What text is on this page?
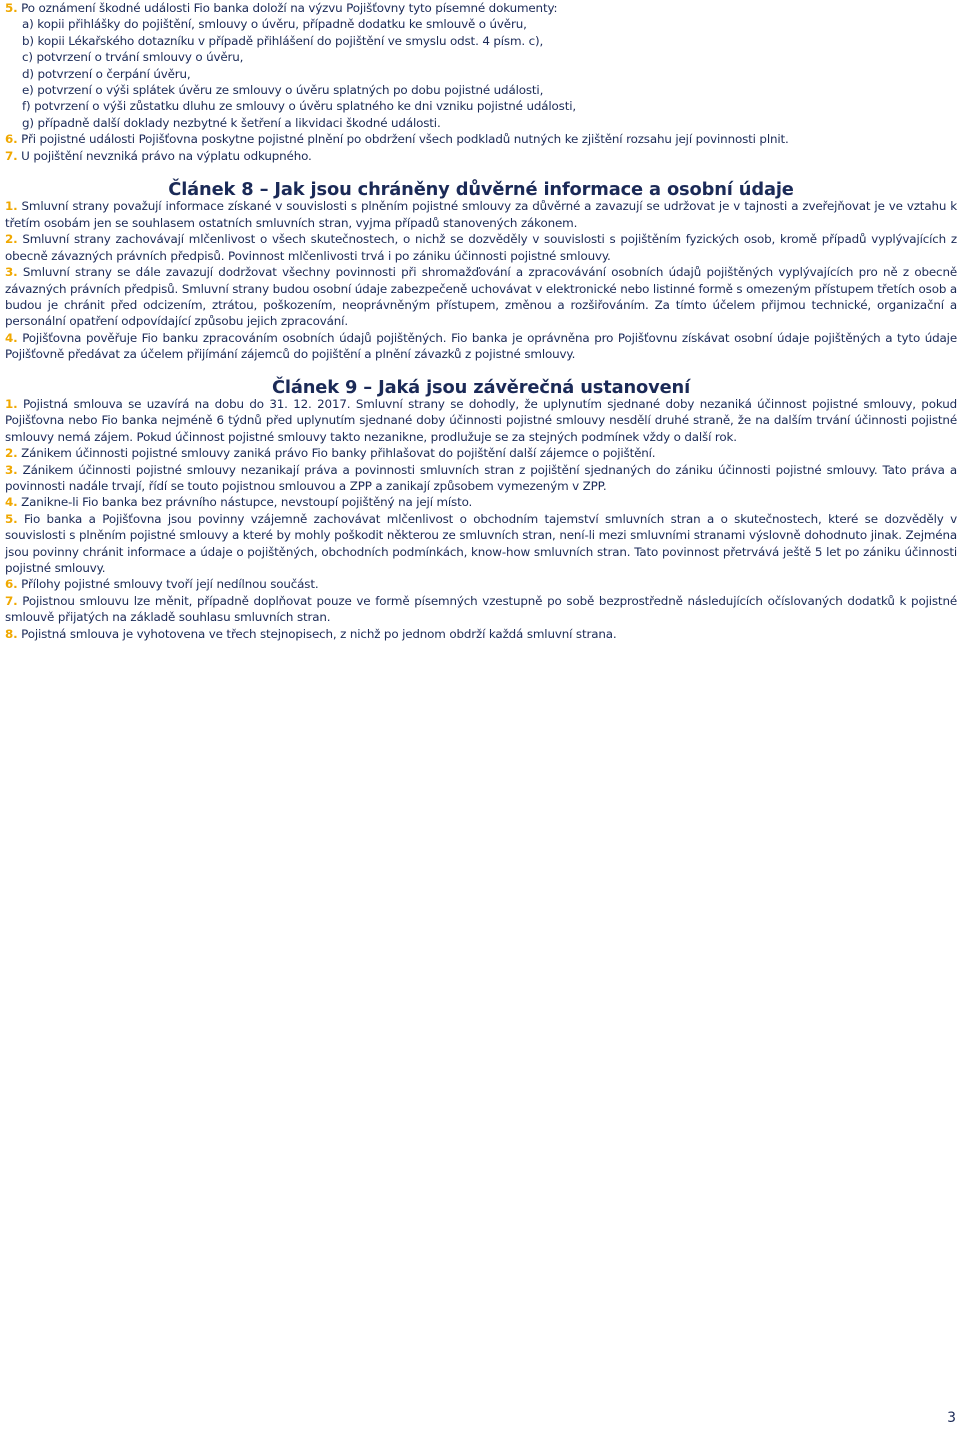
5. Po oznámení škodné události Fio banka doloží na výzvu Pojišťovny tyto písemné dokumenty:

a) kopii přihlášky do pojištění, smlouvy o úvěru, případně dodatku ke smlouvě o úvěru,

b) kopii Lékařského dotazníku v případě přihlášení do pojištění ve smyslu odst. 4 písm. c),

c) potvrzení o trvání smlouvy o úvěru,

d) potvrzení o čerpání úvěru,

e) potvrzení o výši splátek úvěru ze smlouvy o úvěru splatných po dobu pojistné události,

f) potvrzení o výši zůstatku dluhu ze smlouvy o úvěru splatného ke dni vzniku pojistné události,

g) případně další doklady nezbytné k šetření a likvidaci škodné události.

6. Při pojistné události Pojišťovna poskytne pojistné plnění po obdržení všech podkladů nutných ke zjištění rozsahu její povinnosti plnit.

7. U pojištění nevzniká právo na výplatu odkupného.

Článek 8 – Jak jsou chráněny důvěrné informace a osobní údaje

1. Smluvní strany považují informace získané v souvislosti s plněním pojistné smlouvy za důvěrné a zavazují se udržovat je v tajnosti a zveřejňovat je ve vztahu k třetím osobám jen se souhlasem ostatních smluvních stran, vyjma případů stanovených zákonem.

2. Smluvní strany zachovávají mlčenlivost o všech skutečnostech, o nichž se dozvěděly v souvislosti s pojištěním fyzických osob, kromě případů vyplývajících z obecně závazných právních předpisů. Povinnost mlčenlivosti trvá i po zániku účinnosti pojistné smlouvy.

3. Smluvní strany se dále zavazují dodržovat všechny povinnosti při shromažďování a zpracovávání osobních údajů pojištěných vyplývajících pro ně z obecně závazných právních předpisů. Smluvní strany budou osobní údaje zabezpečeně uchovávat v elektronické nebo listinné formě s omezeným přístupem třetích osob a budou je chránit před odcizením, ztrátou, poškozením, neoprávněným přístupem, změnou a rozšiřováním. Za tímto účelem přijmou technické, organizační a personální opatření odpovídající způsobu jejich zpracování.

4. Pojišťovna pověřuje Fio banku zpracováním osobních údajů pojištěných. Fio banka je oprávněna pro Pojišťovnu získávat osobní údaje pojištěných a tyto údaje Pojišťovně předávat za účelem přijímání zájemců do pojištění a plnění závazků z pojistné smlouvy.

Článek 9 – Jaká jsou závěrečná ustanovení

1. Pojistná smlouva se uzavírá na dobu do 31. 12. 2017. Smluvní strany se dohodly, že uplynutím sjednané doby nezaniká účinnost pojistné smlouvy, pokud Pojišťovna nebo Fio banka nejméně 6 týdnů před uplynutím sjednané doby účinnosti pojistné smlouvy nesdělí druhé straně, že na dalším trvání účinnosti pojistné smlouvy nemá zájem. Pokud účinnost pojistné smlouvy takto nezanikne, prodlužuje se za stejných podmínek vždy o další rok.

2. Zánikem účinnosti pojistné smlouvy zaniká právo Fio banky přihlašovat do pojištění další zájemce o pojištění.

3. Zánikem účinnosti pojistné smlouvy nezanikají práva a povinnosti smluvních stran z pojištění sjednaných do zániku účinnosti pojistné smlouvy. Tato práva a povinnosti nadále trvají, řídí se touto pojistnou smlouvou a ZPP a zanikají způsobem vymezeným v ZPP.

4. Zanikne-li Fio banka bez právního nástupce, nevstoupí pojištěný na její místo.

5. Fio banka a Pojišťovna jsou povinny vzájemně zachovávat mlčenlivost o obchodním tajemství smluvních stran a o skutečnostech, které se dozvěděly v souvislosti s plněním pojistné smlouvy a které by mohly poškodit některou ze smluvních stran, není-li mezi smluvními stranami výslovně dohodnuto jinak. Zejména jsou povinny chránit informace a údaje o pojištěných, obchodních podmínkách, know-how smluvních stran. Tato povinnost přetrvává ještě 5 let po zániku účinnosti pojistné smlouvy.

6. Přílohy pojistné smlouvy tvoří její nedílnou součást.

7. Pojistnou smlouvu lze měnit, případně doplňovat pouze ve formě písemných vzestupně po sobě bezprostředně následujících očíslovaných dodatků k pojistné smlouvě přijatých na základě souhlasu smluvních stran.

8. Pojistná smlouva je vyhotovena ve třech stejnopisech, z nichž po jednom obdrží každá smluvní strana.

3
